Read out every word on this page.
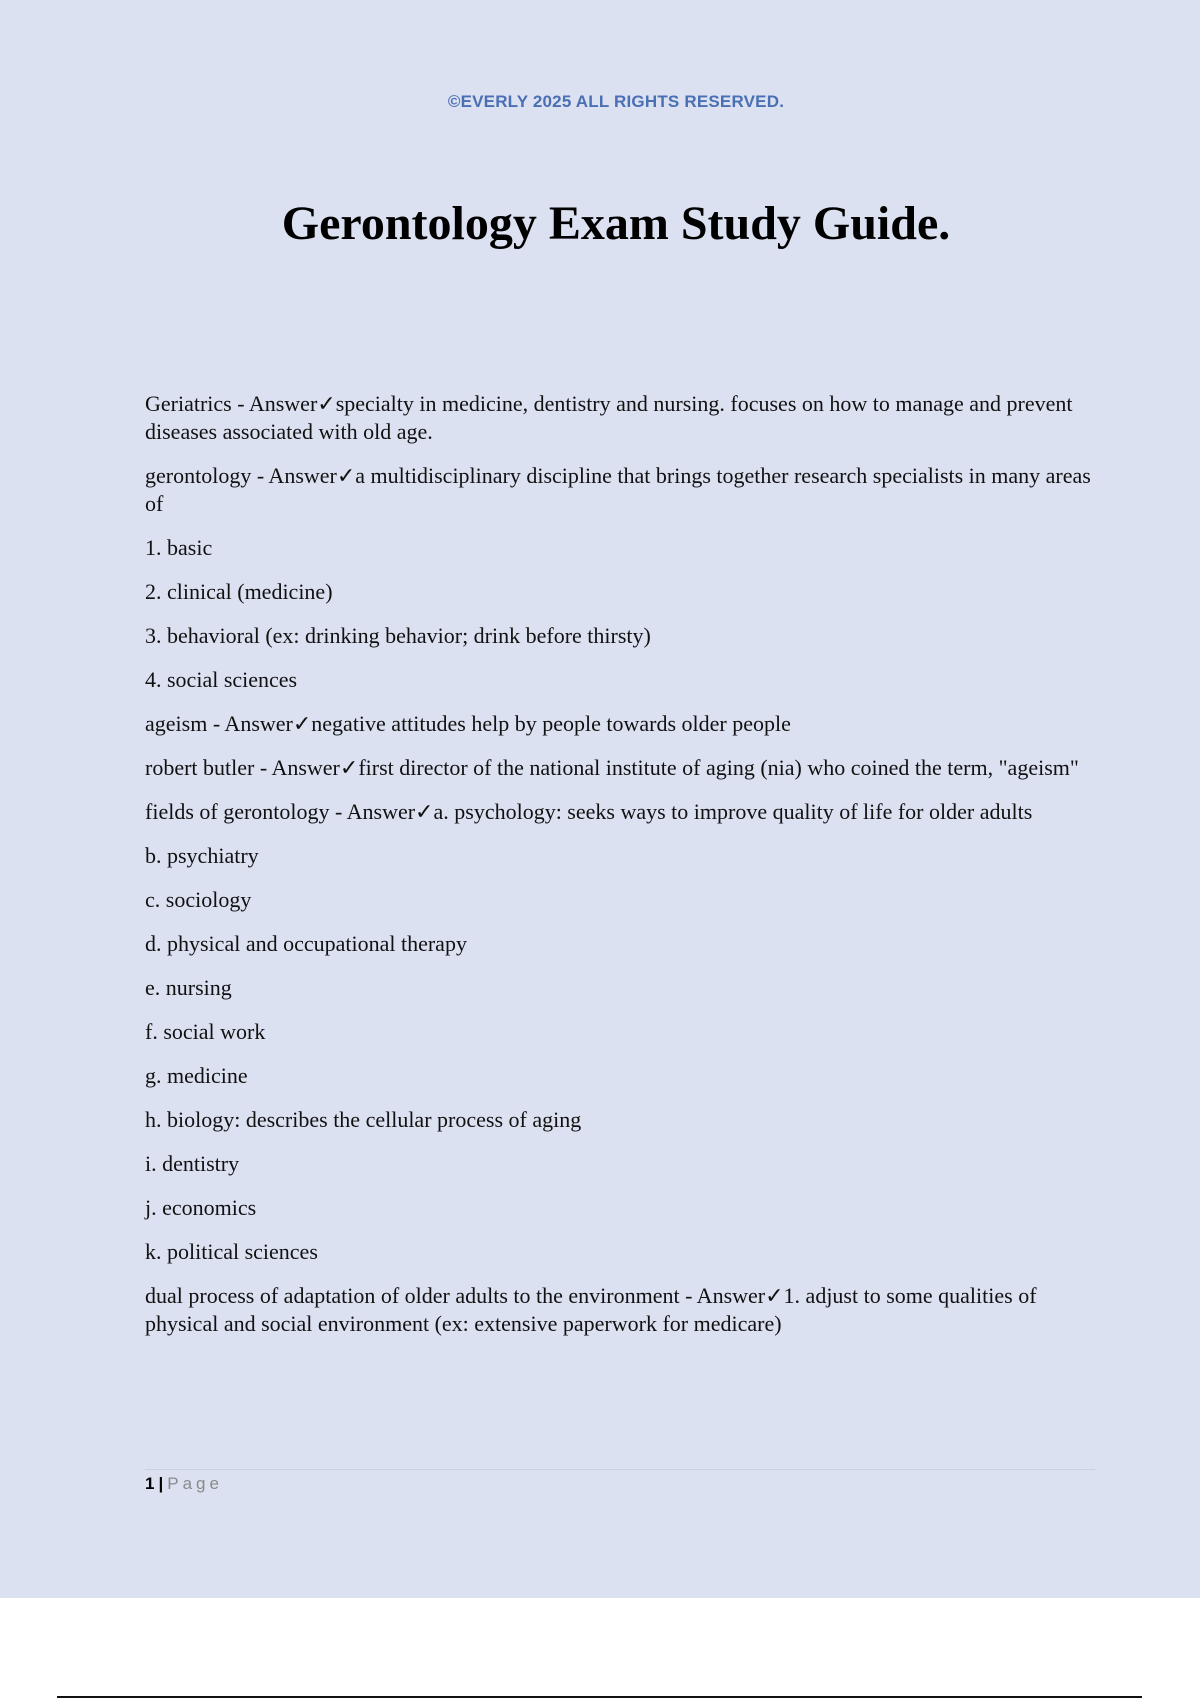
©EVERLY 2025 ALL RIGHTS RESERVED.
Gerontology Exam Study Guide.

Geriatrics - Answer✓specialty in medicine, dentistry and nursing. focuses on how to manage and prevent diseases associated with old age.

gerontology - Answer✓a multidisciplinary discipline that brings together research specialists in many areas of

1. basic

2. clinical (medicine)

3. behavioral (ex: drinking behavior; drink before thirsty)

4. social sciences

ageism - Answer✓negative attitudes help by people towards older people

robert butler - Answer✓first director of the national institute of aging (nia) who coined the term, "ageism"

fields of gerontology - Answer✓a. psychology: seeks ways to improve quality of life for older adults

b. psychiatry

c. sociology

d. physical and occupational therapy

e. nursing

f. social work

g. medicine

h. biology: describes the cellular process of aging

i. dentistry

j. economics

k. political sciences

dual process of adaptation of older adults to the environment - Answer✓1. adjust to some qualities of physical and social environment (ex: extensive paperwork for medicare)

1 | Page
